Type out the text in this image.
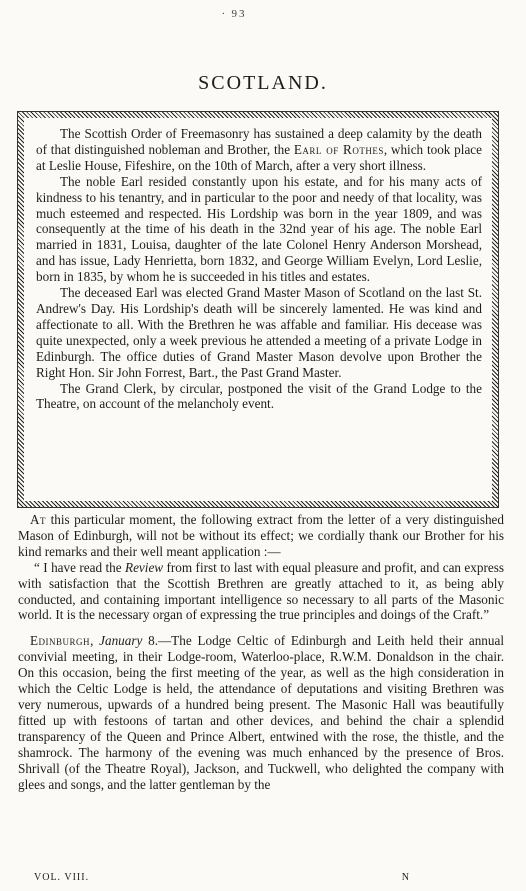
∙ 93
SCOTLAND.

The Scottish Order of Freemasonry has sustained a deep calamity by the death of that distinguished nobleman and Brother, the Earl of Rothes, which took place at Leslie House, Fifeshire, on the 10th of March, after a very short illness.

The noble Earl resided constantly upon his estate, and for his many acts of kindness to his tenantry, and in particular to the poor and needy of that locality, was much esteemed and respected. His Lordship was born in the year 1809, and was consequently at the time of his death in the 32nd year of his age. The noble Earl married in 1831, Louisa, daughter of the late Colonel Henry Anderson Morshead, and has issue, Lady Henrietta, born 1832, and George William Evelyn, Lord Leslie, born in 1835, by whom he is succeeded in his titles and estates.

The deceased Earl was elected Grand Master Mason of Scotland on the last St. Andrew's Day. His Lordship's death will be sincerely lamented. He was kind and affectionate to all. With the Brethren he was affable and familiar. His decease was quite unexpected, only a week previous he attended a meeting of a private Lodge in Edinburgh. The office duties of Grand Master Mason devolve upon Brother the Right Hon. Sir John Forrest, Bart., the Past Grand Master.

The Grand Clerk, by circular, postponed the visit of the Grand Lodge to the Theatre, on account of the melancholy event.

At this particular moment, the following extract from the letter of a very distinguished Mason of Edinburgh, will not be without its effect; we cordially thank our Brother for his kind remarks and their well meant application :—

“ I have read the Review from first to last with equal pleasure and profit, and can express with satisfaction that the Scottish Brethren are greatly attached to it, as being ably conducted, and containing important intelligence so necessary to all parts of the Masonic world. It is the necessary organ of expressing the true principles and doings of the Craft.”

Edinburgh, January 8.—The Lodge Celtic of Edinburgh and Leith held their annual convivial meeting, in their Lodge-room, Waterloo-place, R.W.M. Donaldson in the chair. On this occasion, being the first meeting of the year, as well as the high consideration in which the Celtic Lodge is held, the attendance of deputations and visiting Brethren was very numerous, upwards of a hundred being present. The Masonic Hall was beautifully fitted up with festoons of tartan and other devices, and behind the chair a splendid transparency of the Queen and Prince Albert, entwined with the rose, the thistle, and the shamrock. The harmony of the evening was much enhanced by the presence of Bros. Shrivall (of the Theatre Royal), Jackson, and Tuckwell, who delighted the company with glees and songs, and the latter gentleman by the

VOL. VIII.	N
